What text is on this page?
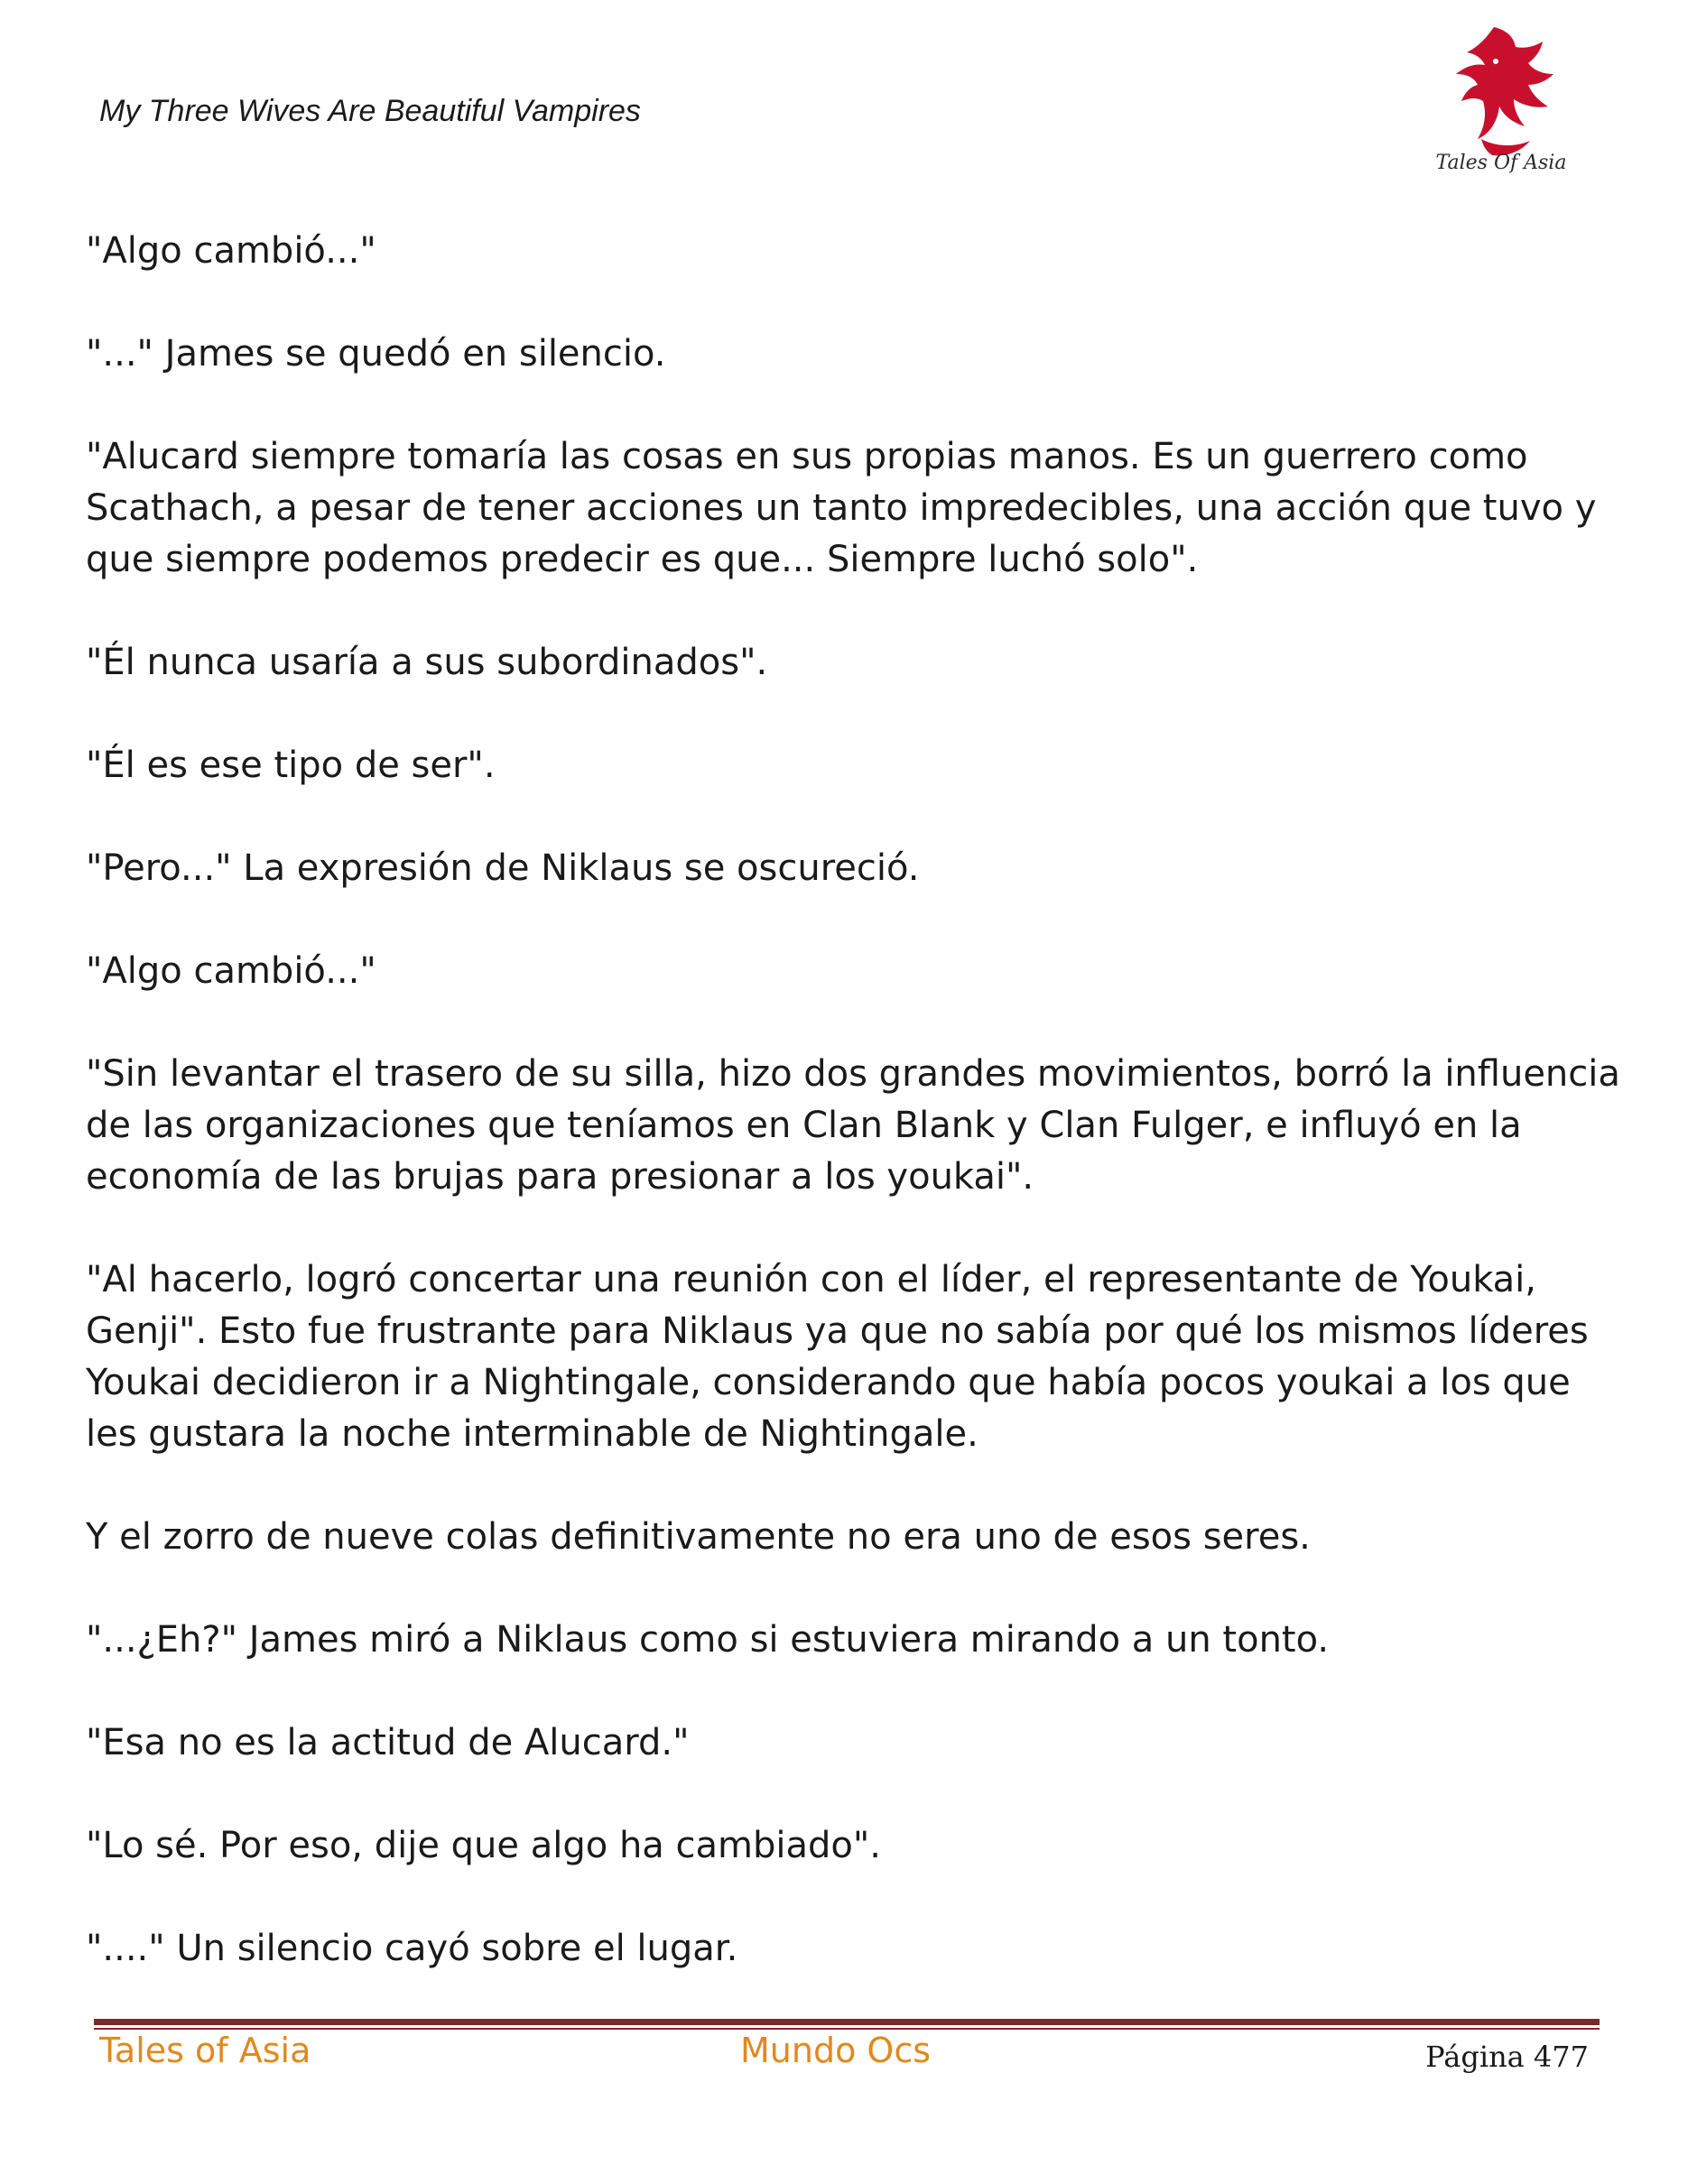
My Three Wives Are Beautiful Vampires
Tales Of Asia

"Algo cambió..."

"..." James se quedó en silencio.

"Alucard siempre tomaría las cosas en sus propias manos. Es un guerrero como Scathach, a pesar de tener acciones un tanto impredecibles, una acción que tuvo y que siempre podemos predecir es que... Siempre luchó solo".

"Él nunca usaría a sus subordinados".

"Él es ese tipo de ser".

"Pero..." La expresión de Niklaus se oscureció.

"Algo cambió..."

"Sin levantar el trasero de su silla, hizo dos grandes movimientos, borró la influencia de las organizaciones que teníamos en Clan Blank y Clan Fulger, e influyó en la economía de las brujas para presionar a los youkai".

"Al hacerlo, logró concertar una reunión con el líder, el representante de Youkai, Genji". Esto fue frustrante para Niklaus ya que no sabía por qué los mismos líderes Youkai decidieron ir a Nightingale, considerando que había pocos youkai a los que les gustara la noche interminable de Nightingale.

Y el zorro de nueve colas definitivamente no era uno de esos seres.

"...¿Eh?" James miró a Niklaus como si estuviera mirando a un tonto.

"Esa no es la actitud de Alucard."

"Lo sé. Por eso, dije que algo ha cambiado".

"...." Un silencio cayó sobre el lugar.

Tales of Asia	Mundo Ocs	Página 477
